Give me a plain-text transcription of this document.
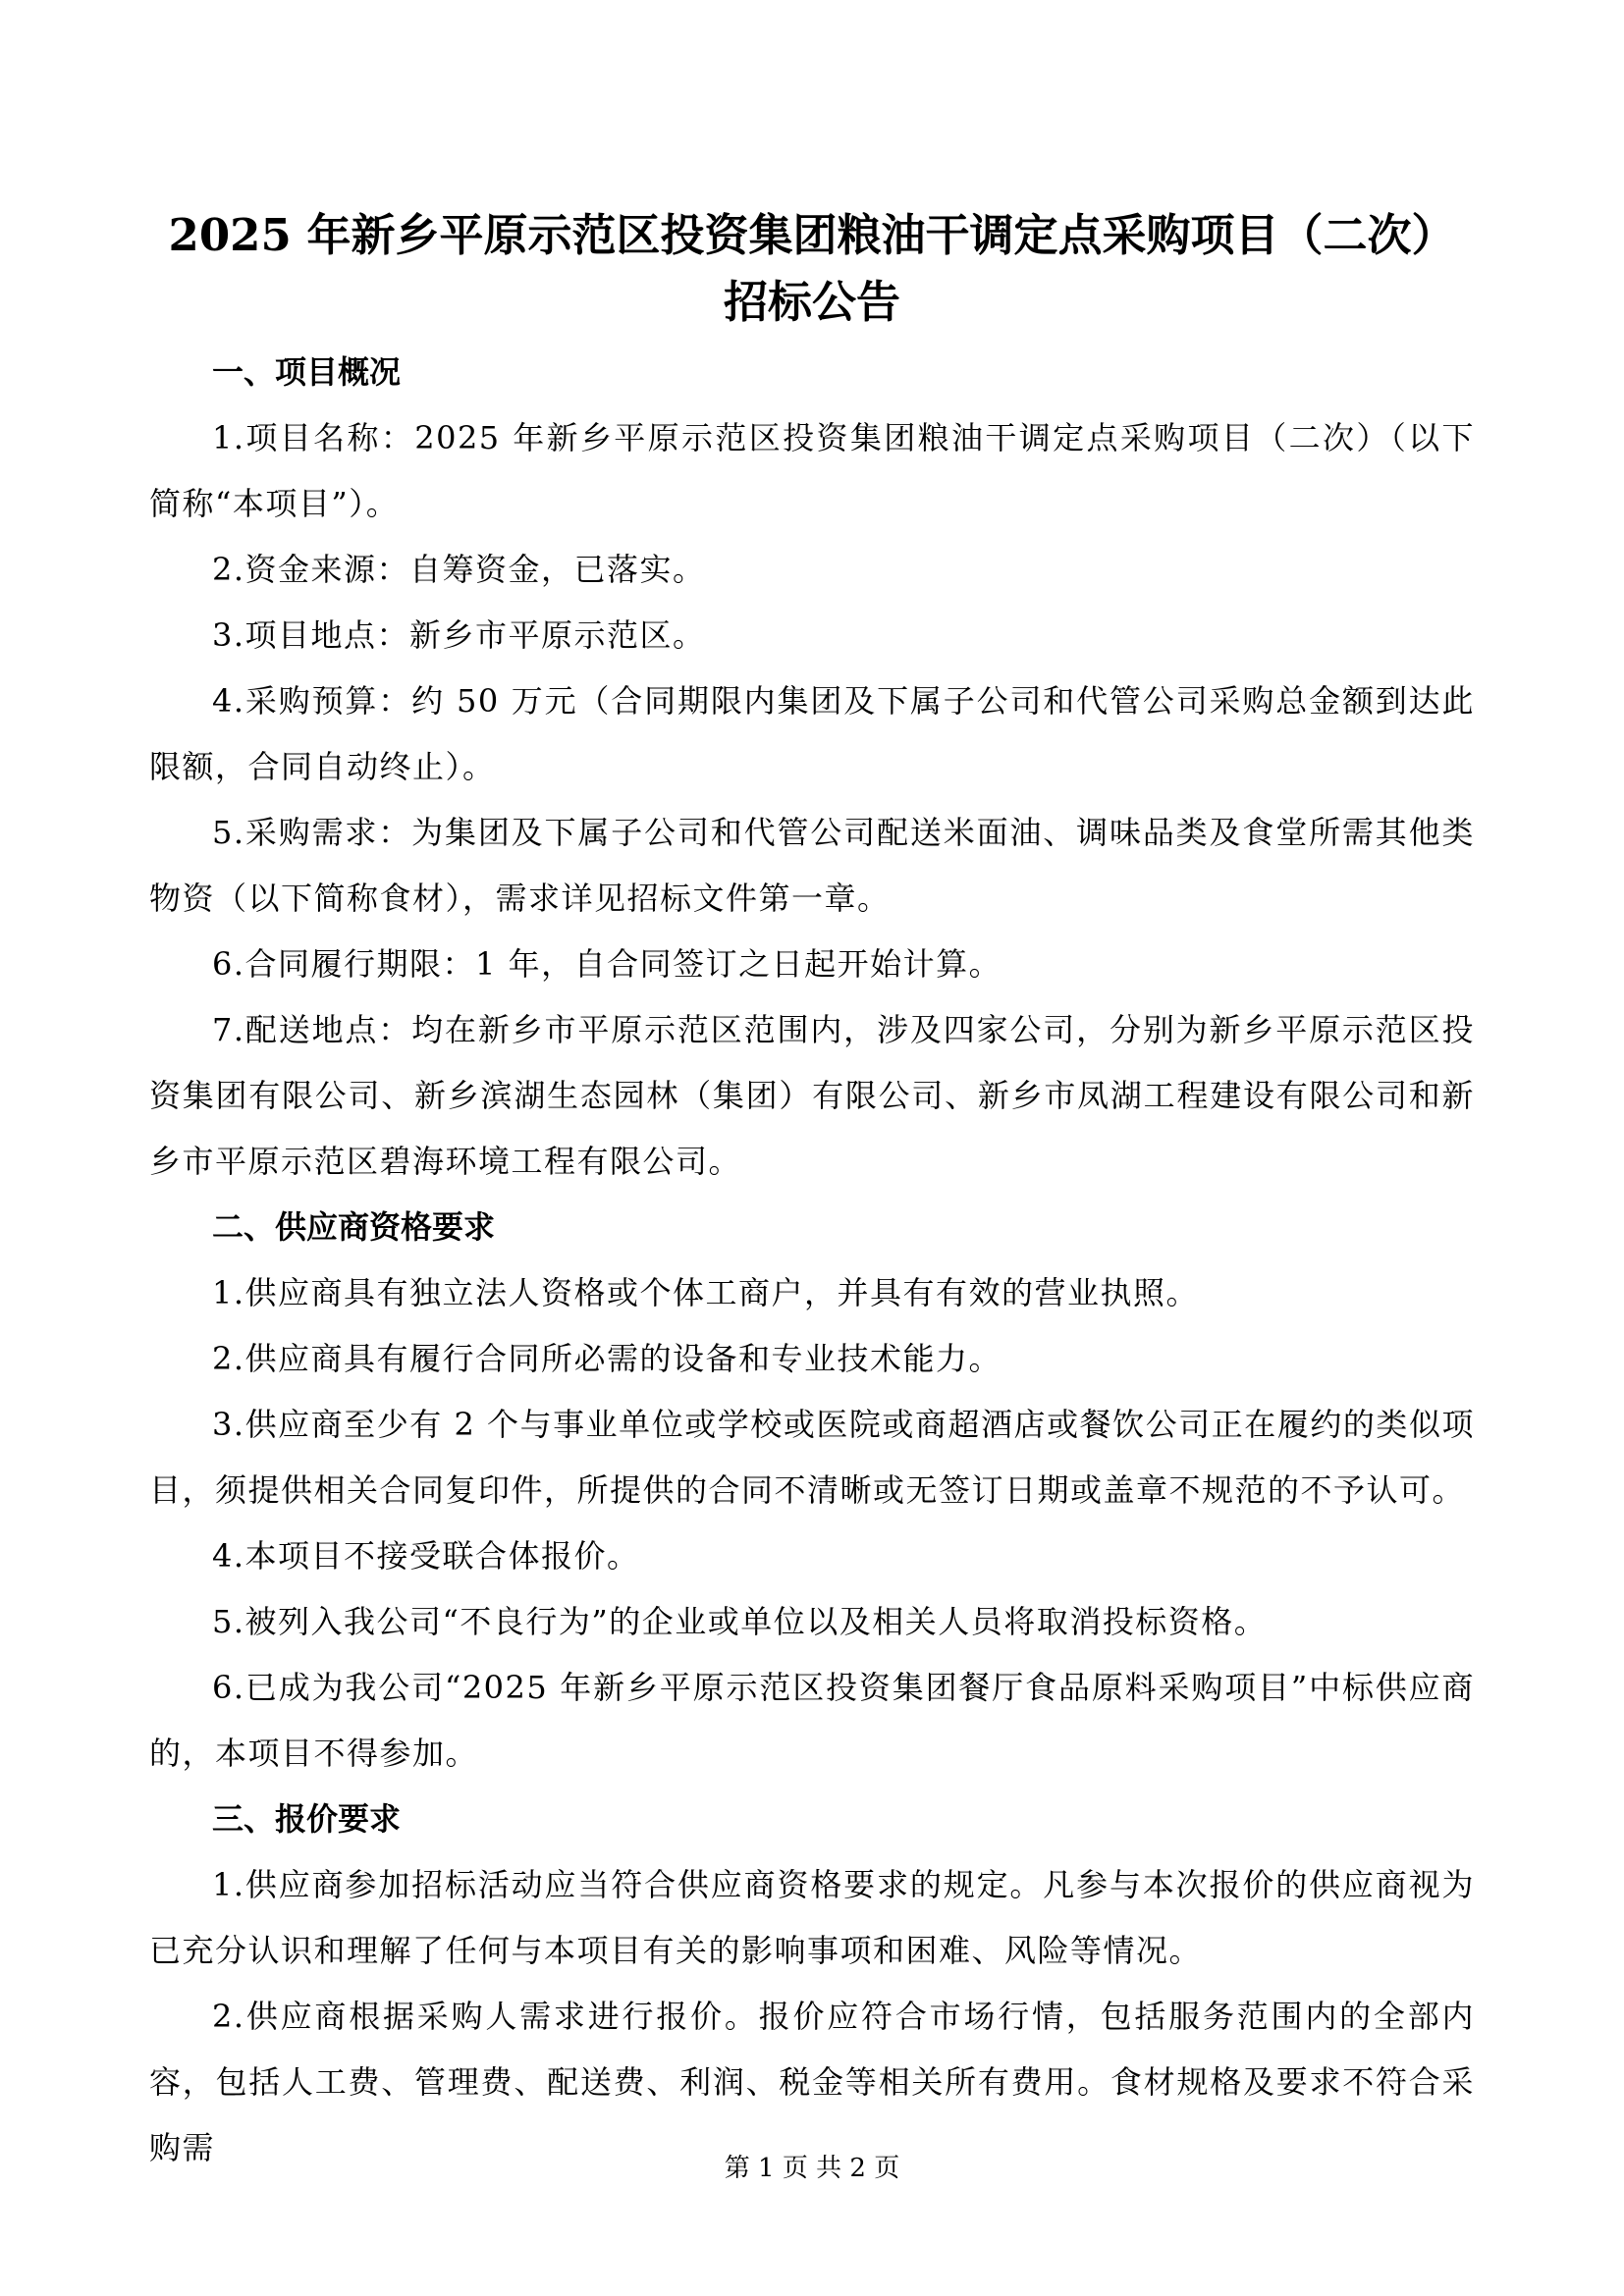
2025 年新乡平原示范区投资集团粮油干调定点采购项目（二次）
招标公告
一、项目概况

1.项目名称：2025 年新乡平原示范区投资集团粮油干调定点采购项目（二次）（以下简称“本项目”）。

2.资金来源：自筹资金，已落实。

3.项目地点：新乡市平原示范区。

4.采购预算：约 50 万元（合同期限内集团及下属子公司和代管公司采购总金额到达此限额，合同自动终止）。

5.采购需求：为集团及下属子公司和代管公司配送米面油、调味品类及食堂所需其他类物资（以下简称食材），需求详见招标文件第一章。

6.合同履行期限：1 年，自合同签订之日起开始计算。

7.配送地点：均在新乡市平原示范区范围内，涉及四家公司，分别为新乡平原示范区投资集团有限公司、新乡滨湖生态园林（集团）有限公司、新乡市凤湖工程建设有限公司和新乡市平原示范区碧海环境工程有限公司。

二、供应商资格要求

1.供应商具有独立法人资格或个体工商户，并具有有效的营业执照。

2.供应商具有履行合同所必需的设备和专业技术能力。

3.供应商至少有 2 个与事业单位或学校或医院或商超酒店或餐饮公司正在履约的类似项目，须提供相关合同复印件，所提供的合同不清晰或无签订日期或盖章不规范的不予认可。

4.本项目不接受联合体报价。

5.被列入我公司“不良行为”的企业或单位以及相关人员将取消投标资格。

6.已成为我公司“2025 年新乡平原示范区投资集团餐厅食品原料采购项目”中标供应商的，本项目不得参加。

三、报价要求

1.供应商参加招标活动应当符合供应商资格要求的规定。凡参与本次报价的供应商视为已充分认识和理解了任何与本项目有关的影响事项和困难、风险等情况。

2.供应商根据采购人需求进行报价。报价应符合市场行情，包括服务范围内的全部内容，包括人工费、管理费、配送费、利润、税金等相关所有费用。食材规格及要求不符合采购需

第 1 页 共 2 页
